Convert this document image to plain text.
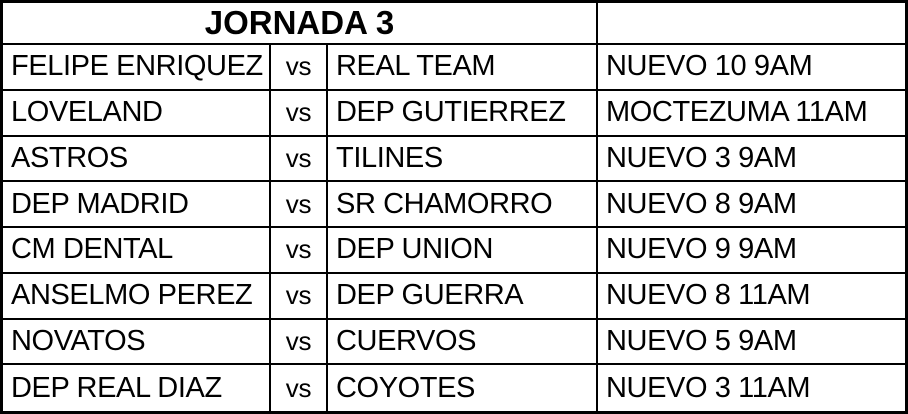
JORNADA 3
FELIPE ENRIQUEZ vs REAL TEAM	NUEVO 10 9AM
LOVELAND	vs DEP GUTIERREZ	MOCTEZUMA 11AM
ASTROS	vs TILINES	NUEVO 3 9AM
DEP MADRID	vs SR CHAMORRO	NUEVO 8 9AM
CM DENTAL	vs DEP UNION	NUEVO 9 9AM
ANSELMO PEREZ	vs DEP GUERRA	NUEVO 8 11AM
NOVATOS	vs CUERVOS	NUEVO 5 9AM
DEP REAL DIAZ	vs COYOTES	NUEVO 3 11AM
